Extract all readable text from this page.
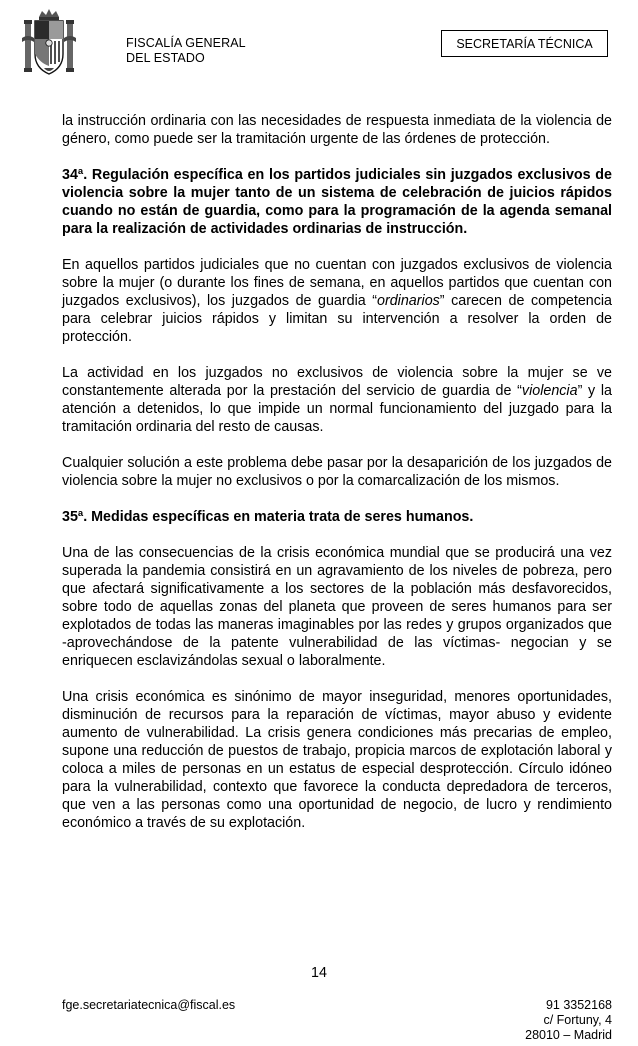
FISCALÍA GENERAL
DEL ESTADO
SECRETARÍA TÉCNICA

la instrucción ordinaria con las necesidades de respuesta inmediata de la violencia de género, como puede ser la tramitación urgente de las órdenes de protección.

34ª. Regulación específica en los partidos judiciales sin juzgados exclusivos de violencia sobre la mujer tanto de un sistema de celebración de juicios rápidos cuando no están de guardia, como para la programación de la agenda semanal para la realización de actividades ordinarias de instrucción.

En aquellos partidos judiciales que no cuentan con juzgados exclusivos de violencia sobre la mujer (o durante los fines de semana, en aquellos partidos que cuentan con juzgados exclusivos), los juzgados de guardia “ordinarios” carecen de competencia para celebrar juicios rápidos y limitan su intervención a resolver la orden de protección.

La actividad en los juzgados no exclusivos de violencia sobre la mujer se ve constantemente alterada por la prestación del servicio de guardia de “violencia” y la atención a detenidos, lo que impide un normal funcionamiento del juzgado para la tramitación ordinaria del resto de causas.

Cualquier solución a este problema debe pasar por la desaparición de los juzgados de violencia sobre la mujer no exclusivos o por la comarcalización de los mismos.

35ª. Medidas específicas en materia trata de seres humanos.

Una de las consecuencias de la crisis económica mundial que se producirá una vez superada la pandemia consistirá en un agravamiento de los niveles de pobreza, pero que afectará significativamente a los sectores de la población más desfavorecidos, sobre todo de aquellas zonas del planeta que proveen de seres humanos para ser explotados de todas las maneras imaginables por las redes y grupos organizados que -aprovechándose de la patente vulnerabilidad de las víctimas- negocian y se enriquecen esclavizándolas sexual o laboralmente.

Una crisis económica es sinónimo de mayor inseguridad, menores oportunidades, disminución de recursos para la reparación de víctimas, mayor abuso y evidente aumento de vulnerabilidad. La crisis genera condiciones más precarias de empleo, supone una reducción de puestos de trabajo, propicia marcos de explotación laboral y coloca a miles de personas en un estatus de especial desprotección. Círculo idóneo para la vulnerabilidad, contexto que favorece la conducta depredadora de terceros, que ven a las personas como una oportunidad de negocio, de lucro y rendimiento económico a través de su explotación.

14
fge.secretariatecnica@fiscal.es	91 3352168
c/ Fortuny, 4
28010 – Madrid
